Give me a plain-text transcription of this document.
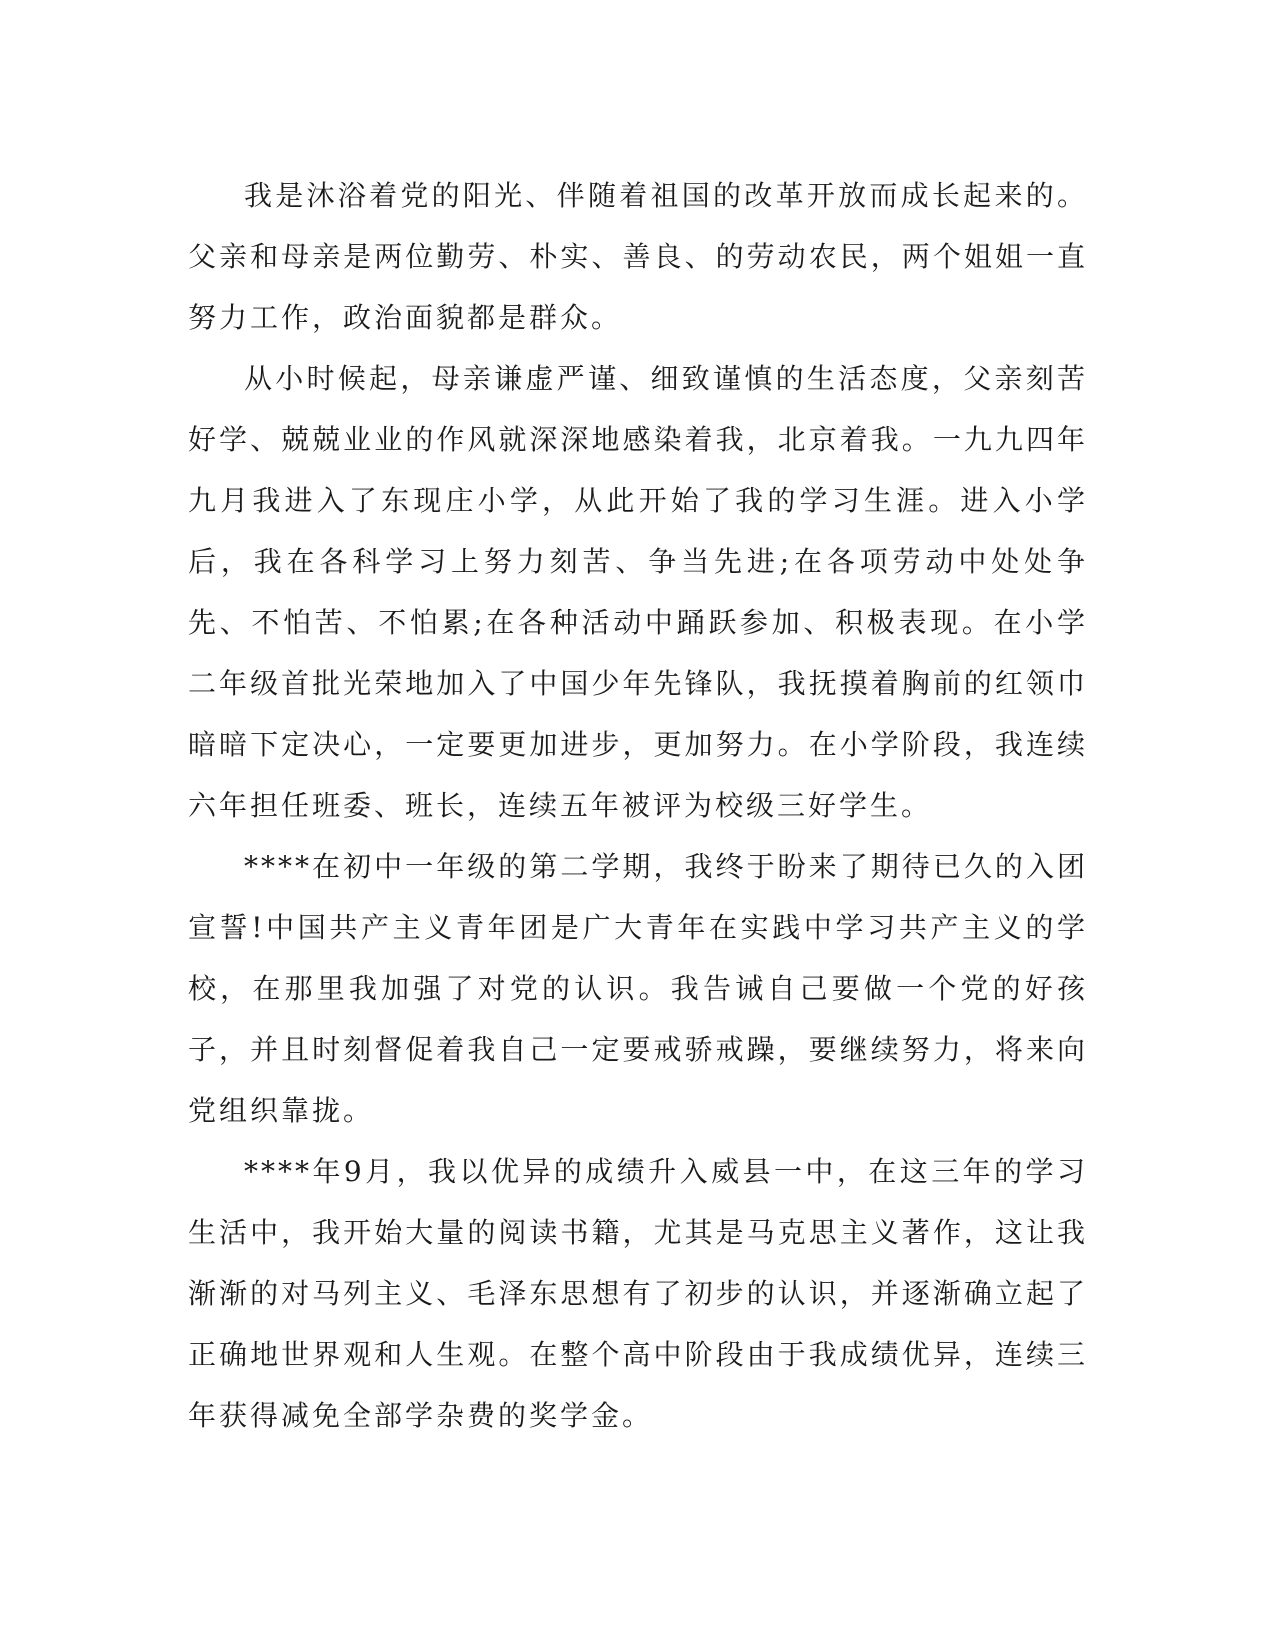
我是沐浴着党的阳光、伴随着祖国的改革开放而成长起来的。父亲和母亲是两位勤劳、朴实、善良、的劳动农民，两个姐姐一直努力工作，政治面貌都是群众。

从小时候起，母亲谦虚严谨、细致谨慎的生活态度，父亲刻苦好学、兢兢业业的作风就深深地感染着我，北京着我。一九九四年九月我进入了东现庄小学，从此开始了我的学习生涯。进入小学后，我在各科学习上努力刻苦、争当先进;在各项劳动中处处争先、不怕苦、不怕累;在各种活动中踊跃参加、积极表现。在小学二年级首批光荣地加入了中国少年先锋队，我抚摸着胸前的红领巾暗暗下定决心，一定要更加进步，更加努力。在小学阶段，我连续六年担任班委、班长，连续五年被评为校级三好学生。

****在初中一年级的第二学期，我终于盼来了期待已久的入团宣誓!中国共产主义青年团是广大青年在实践中学习共产主义的学校，在那里我加强了对党的认识。我告诫自己要做一个党的好孩子，并且时刻督促着我自己一定要戒骄戒躁，要继续努力，将来向党组织靠拢。

****年9月，我以优异的成绩升入威县一中，在这三年的学习生活中，我开始大量的阅读书籍，尤其是马克思主义著作，这让我渐渐的对马列主义、毛泽东思想有了初步的认识，并逐渐确立起了正确地世界观和人生观。在整个高中阶段由于我成绩优异，连续三年获得减免全部学杂费的奖学金。
